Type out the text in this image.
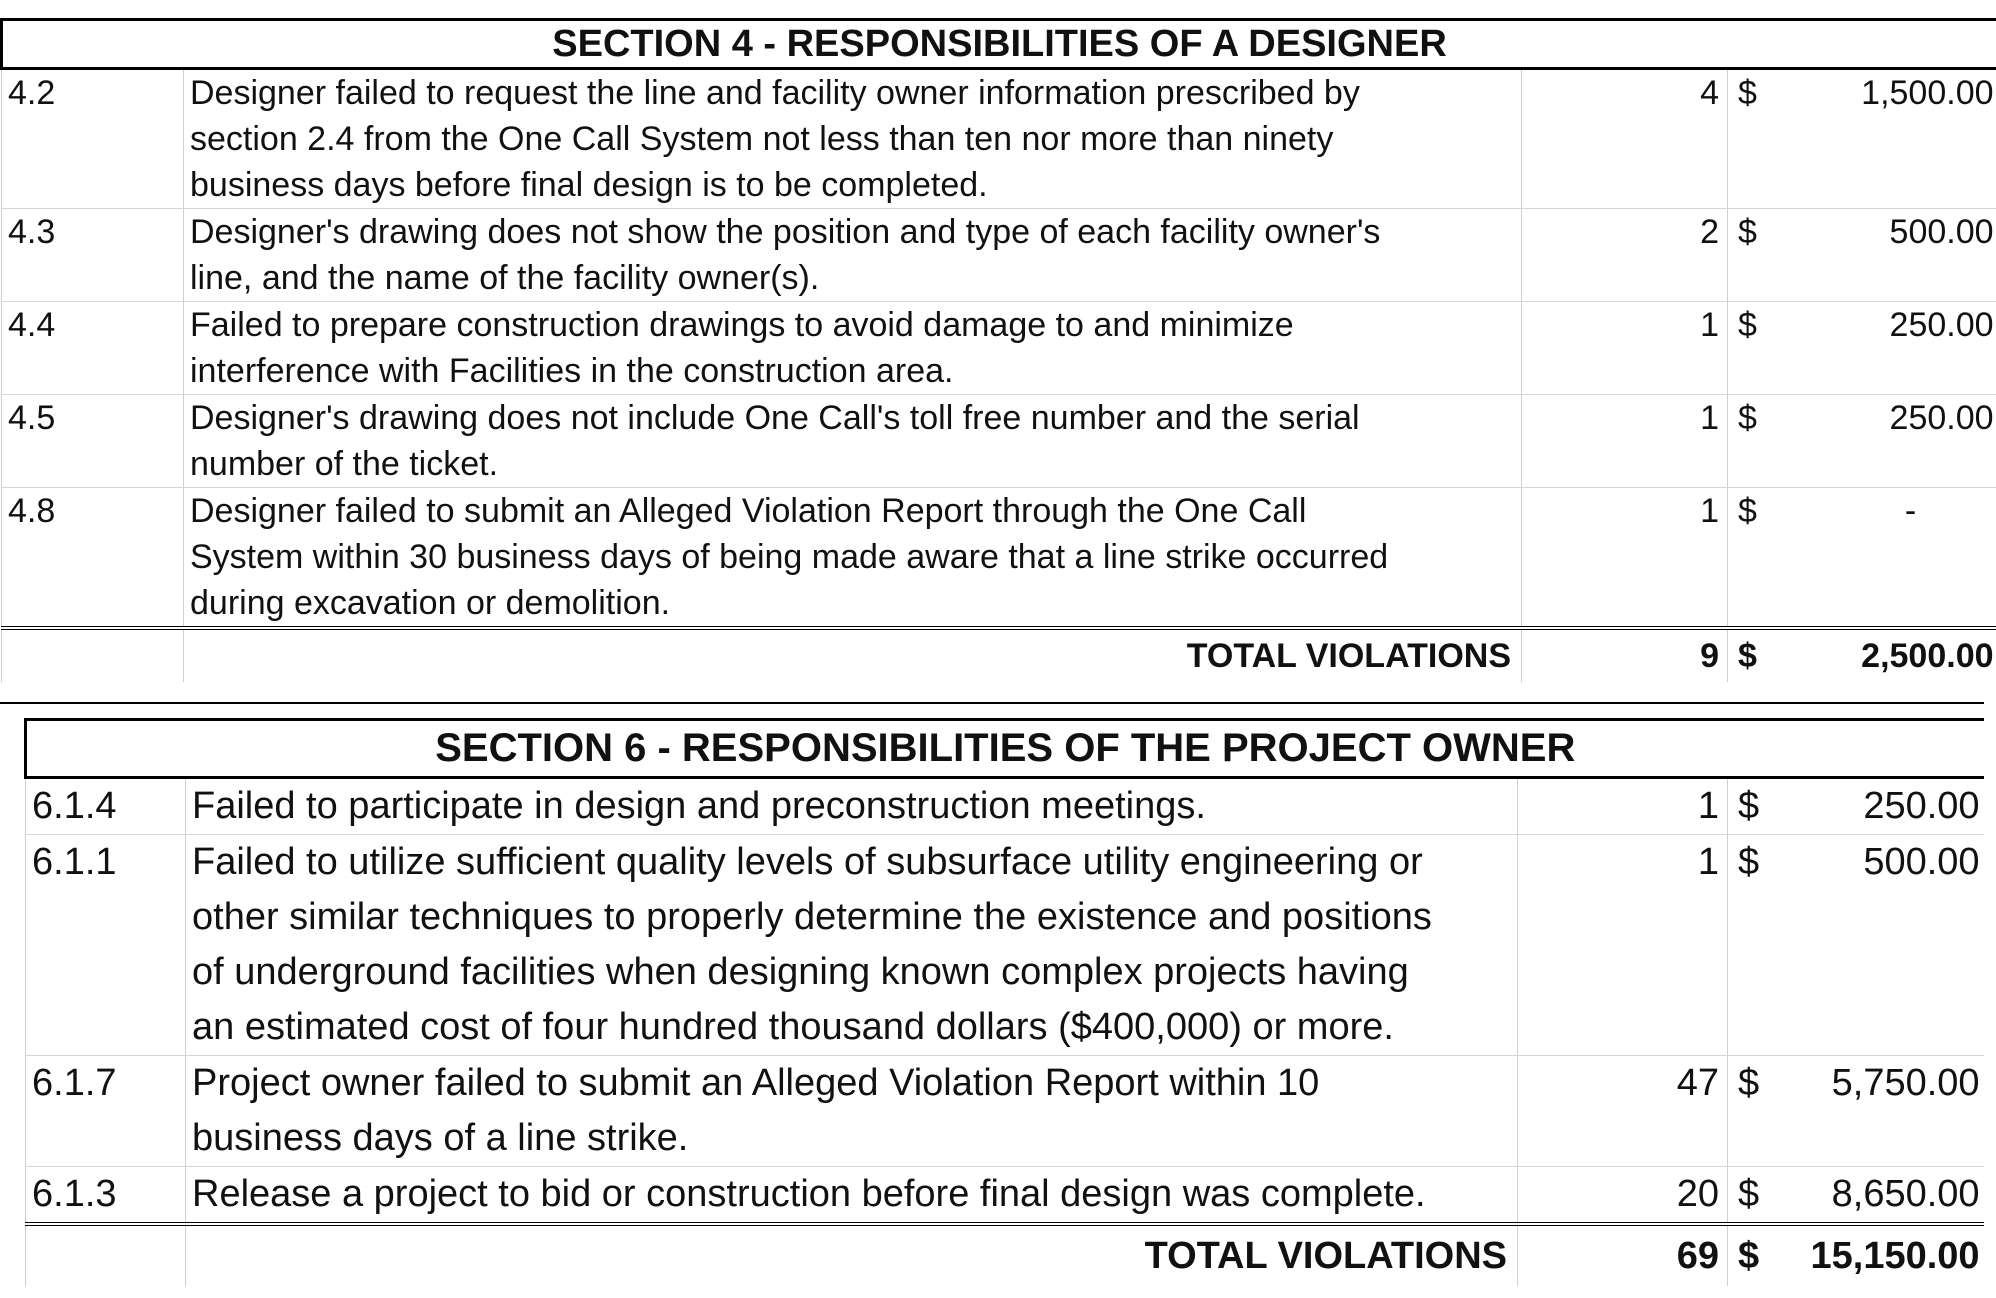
SECTION 4 - RESPONSIBILITIES OF A DESIGNER				
4.2	Designer failed to request the line and facility owner information prescribed by section 2.4 from the One Call System not less than ten nor more than ninety business days before final design is to be completed.	4	$	1,500.00
4.3	Designer's drawing does not show the position and type of each facility owner's line, and the name of the facility owner(s).	2	$	500.00
4.4	Failed to prepare construction drawings to avoid damage to and minimize interference with Facilities in the construction area.	1	$	250.00
4.5	Designer's drawing does not include One Call's toll free number and the serial number of the ticket.	1	$	250.00
4.8	Designer failed to submit an Alleged Violation Report through the One Call System within 30 business days of being made aware that a line strike occurred during excavation or demolition.	1	$	-
	TOTAL VIOLATIONS	9	$	2,500.00
SECTION 6 - RESPONSIBILITIES OF THE PROJECT OWNER				
6.1.4	Failed to participate in design and preconstruction meetings.	1	$	250.00
6.1.1	Failed to utilize sufficient quality levels of subsurface utility engineering or other similar techniques to properly determine the existence and positions of underground facilities when designing known complex projects having an estimated cost of four hundred thousand dollars ($400,000) or more.	1	$	500.00
6.1.7	Project owner failed to submit an Alleged Violation Report within 10 business days of a line strike.	47	$	5,750.00
6.1.3	Release a project to bid or construction before final design was complete.	20	$	8,650.00
	TOTAL VIOLATIONS	69	$	15,150.00
